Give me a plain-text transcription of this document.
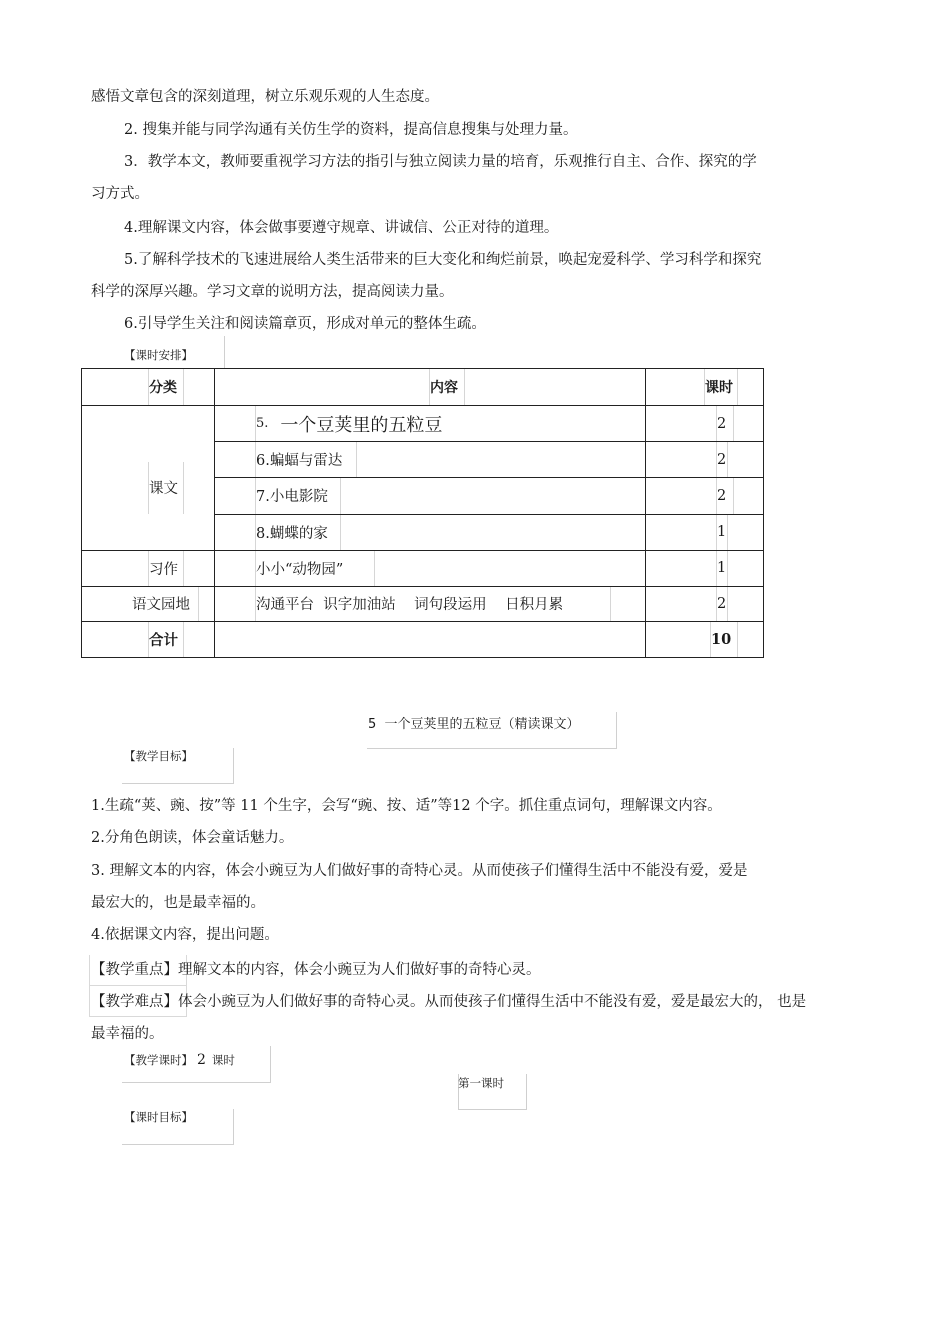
感悟文章包含的深刻道理，树立乐观乐观的人生态度。
2. 搜集并能与同学沟通有关仿生学的资料，提高信息搜集与处理力量。
3．教学本文，教师要重视学习方法的指引与独立阅读力量的培育，乐观推行自主、合作、探究的学
习方式。
4.理解课文内容，体会做事要遵守规章、讲诚信、公正对待的道理。
5.了解科学技术的飞速进展给人类生活带来的巨大变化和绚烂前景，唤起宠爱科学、学习科学和探究
科学的深厚兴趣。学习文章的说明方法，提高阅读力量。
6.引导学生关注和阅读篇章页，形成对单元的整体生疏。
【课时安排】
分类	内容	课时

课文	5. 一个豆荚里的五粒豆	2

	6.蝙蝠与雷达	2

	7.小电影院	2

	8.蝴蝶的家	1

习作	小小“动物园”	1

语文园地	沟通平台  识字加油站    词句段运用    日积月累	2

合计		10
5 一个豆荚里的五粒豆（精读课文）
【教学目标】
1.生疏“荚、豌、按”等 11 个生字，会写“豌、按、适”等12 个字。抓住重点词句，理解课文内容。
2.分角色朗读，体会童话魅力。
3. 理解文本的内容，体会小豌豆为人们做好事的奇特心灵。从而使孩子们懂得生活中不能没有爱，爱是
最宏大的，也是最幸福的。
4.依据课文内容，提出问题。
【教学重点】理解文本的内容，体会小豌豆为人们做好事的奇特心灵。
【教学难点】体会小豌豆为人们做好事的奇特心灵。从而使孩子们懂得生活中不能没有爱，爱是最宏大的， 也是
最幸福的。
【教学课时】 2 课时
第一课时
【课时目标】
